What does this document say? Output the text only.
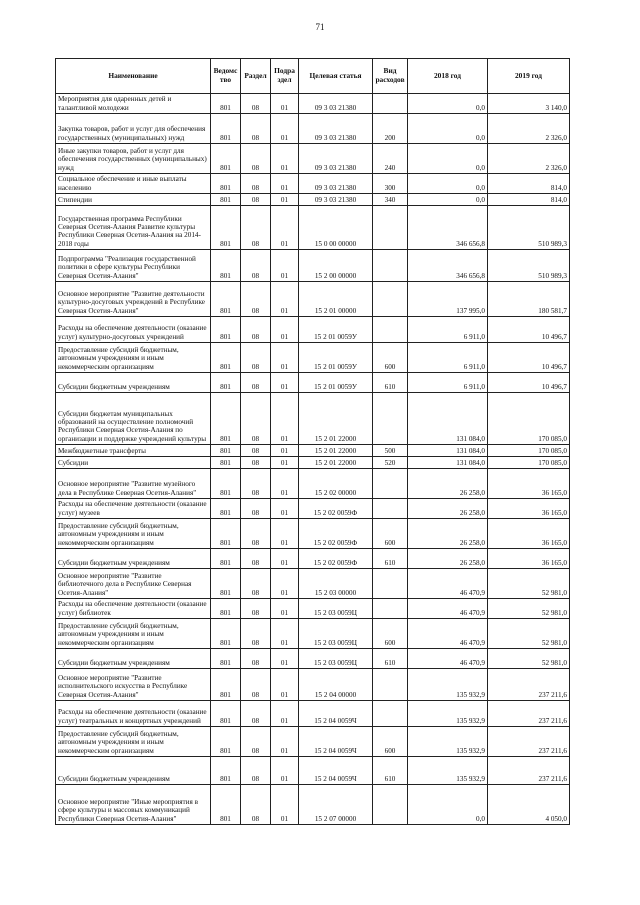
71
Наименование	Ведомс тво	Раздел	Подра здел	Целевая статья	Вид расходов	2018 год	2019 год
Мероприятия для одаренных детей и талантливой молодежи	801	08	01	09 3 03 21380		0,0	3 140,0
Закупка товаров, работ и услуг для обеспечения государственных (муниципальных) нужд	801	08	01	09 3 03 21380	200	0,0	2 326,0
Иные закупки товаров, работ и услуг для обеспечения государственных (муниципальных) нужд	801	08	01	09 3 03 21380	240	0,0	2 326,0
Социальное обеспечение и иные выплаты населению	801	08	01	09 3 03 21380	300	0,0	814,0
Стипендии	801	08	01	09 3 03 21380	340	0,0	814,0
Государственная программа Республики Северная Осетия-Алания Развитие культуры Республики Северная Осетия-Алания на 2014-2018 годы	801	08	01	15 0 00 00000		346 656,8	510 989,3
Подпрограмма "Реализация государственной политики в сфере культуры Республики Северная Осетия-Алания"	801	08	01	15 2 00 00000		346 656,8	510 989,3
Основное мероприятие "Развитие деятельности культурно-досуговых учреждений в Республике Северная Осетия-Алания"	801	08	01	15 2 01 00000		137 995,0	180 581,7
Расходы на обеспечение деятельности (оказание услуг) культурно-досуговых учреждений	801	08	01	15 2 01 0059У		6 911,0	10 496,7
Предоставление субсидий бюджетным, автономным учреждениям и иным некоммерческим организациям	801	08	01	15 2 01 0059У	600	6 911,0	10 496,7
Субсидии бюджетным учреждениям	801	08	01	15 2 01 0059У	610	6 911,0	10 496,7
Субсидии бюджетам муниципальных образований на осуществление полномочий Республики Северная Осетия-Алания по организации и поддержке учреждений культуры	801	08	01	15 2 01 22000		131 084,0	170 085,0
Межбюджетные трансферты	801	08	01	15 2 01 22000	500	131 084,0	170 085,0
Субсидии	801	08	01	15 2 01 22000	520	131 084,0	170 085,0
Основное мероприятие "Развитие музейного дела в Республике Северная Осетия-Алания"	801	08	01	15 2 02 00000		26 258,0	36 165,0
Расходы на обеспечение деятельности (оказание услуг) музеев	801	08	01	15 2 02 0059Ф		26 258,0	36 165,0
Предоставление субсидий бюджетным, автономным учреждениям и иным некоммерческим организациям	801	08	01	15 2 02 0059Ф	600	26 258,0	36 165,0
Субсидии бюджетным учреждениям	801	08	01	15 2 02 0059Ф	610	26 258,0	36 165,0
Основное мероприятие "Развитие библиотечного дела в Республике Северная Осетия-Алания"	801	08	01	15 2 03 00000		46 470,9	52 981,0
Расходы на обеспечение деятельности (оказание услуг) библиотек	801	08	01	15 2 03 0059Ц		46 470,9	52 981,0
Предоставление субсидий бюджетным, автономным учреждениям и иным некоммерческим организациям	801	08	01	15 2 03 0059Ц	600	46 470,9	52 981,0
Субсидии бюджетным учреждениям	801	08	01	15 2 03 0059Ц	610	46 470,9	52 981,0
Основное мероприятие "Развитие исполнительского искусства в Республике Северная Осетия-Алания"	801	08	01	15 2 04 00000		135 932,9	237 211,6
Расходы на обеспечение деятельности (оказание услуг) театральных и концертных учреждений	801	08	01	15 2 04 0059Ч		135 932,9	237 211,6
Предоставление субсидий бюджетным, автономным учреждениям и иным некоммерческим организациям	801	08	01	15 2 04 0059Ч	600	135 932,9	237 211,6
Субсидии бюджетным учреждениям	801	08	01	15 2 04 0059Ч	610	135 932,9	237 211,6
Основное мероприятие "Иные мероприятия в сфере культуры и массовых коммуникаций Республики Северная Осетия-Алания"	801	08	01	15 2 07 00000		0,0	4 050,0
